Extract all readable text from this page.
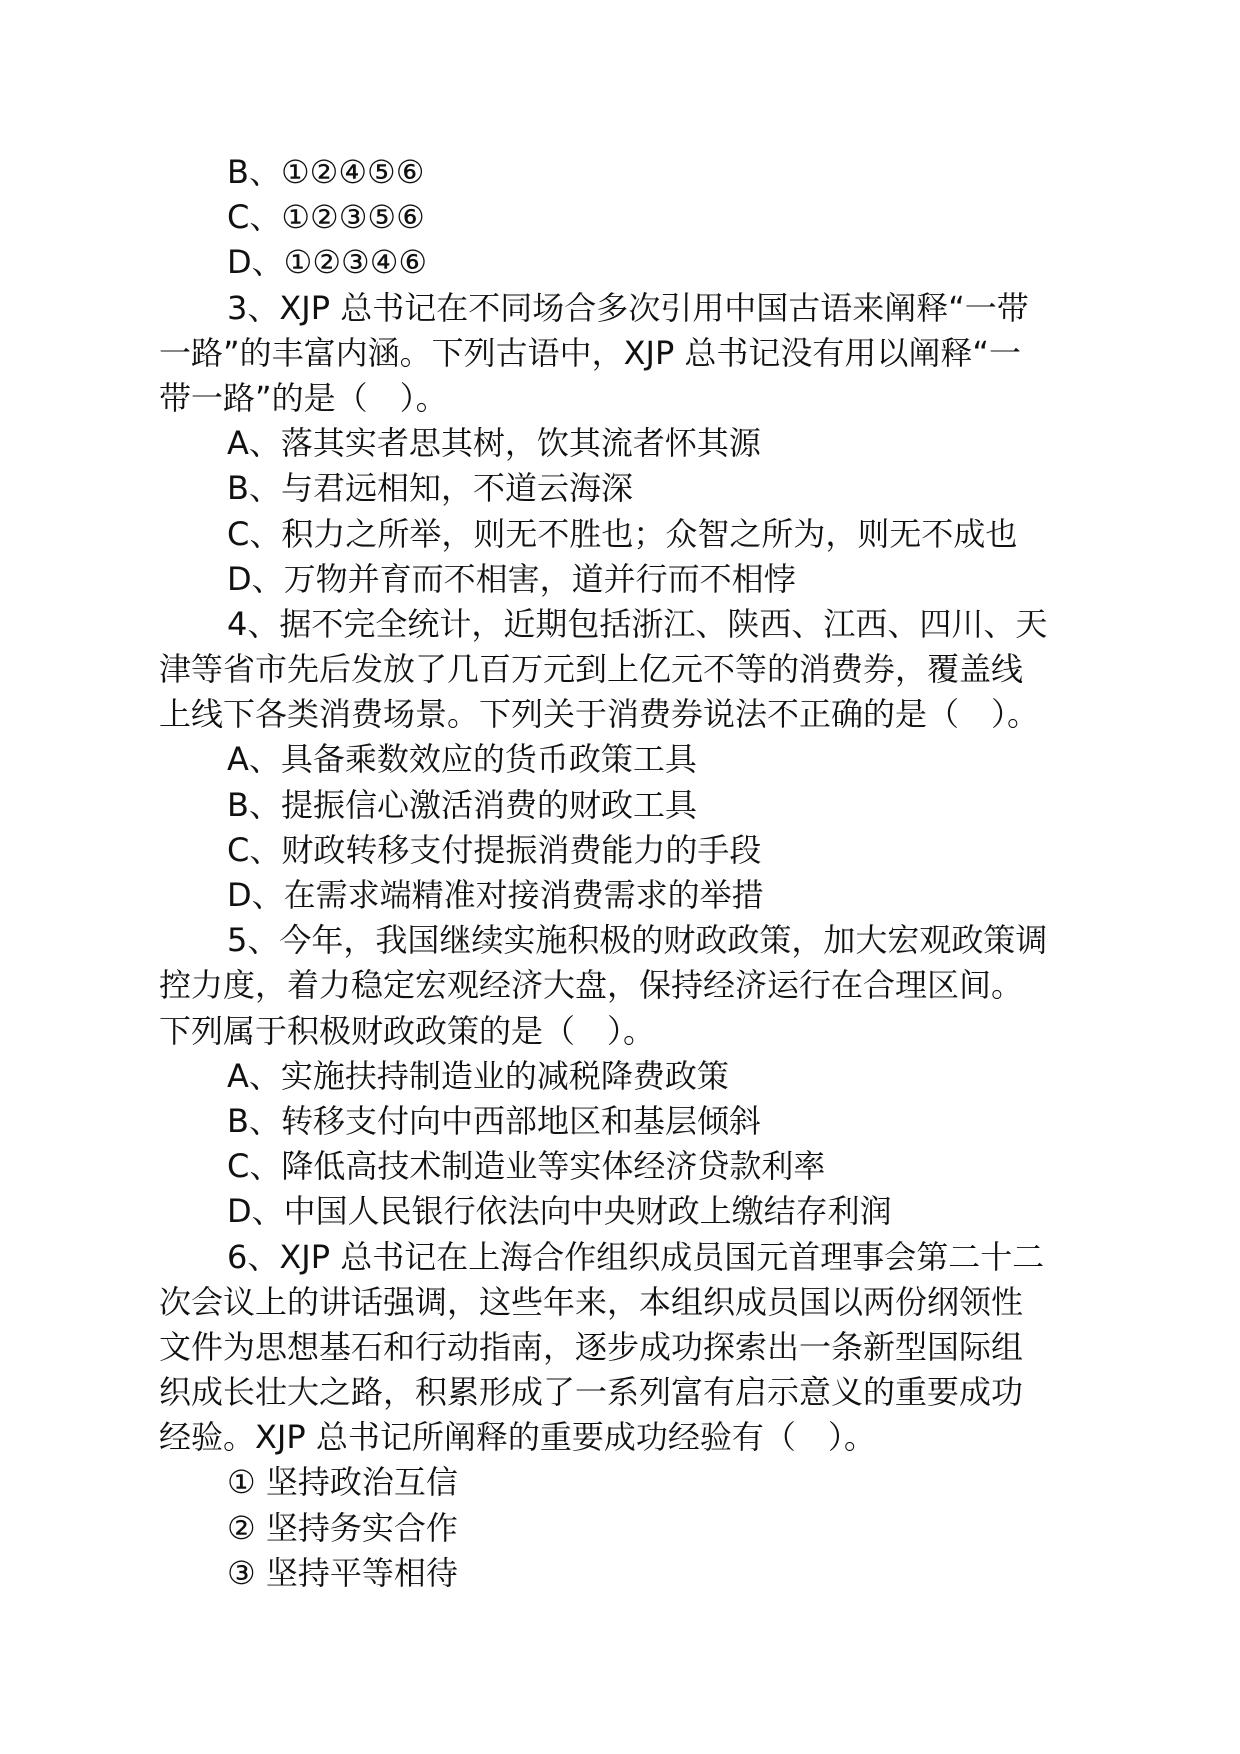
B、①②④⑤⑥
C、①②③⑤⑥
D、①②③④⑥
3、XJP 总书记在不同场合多次引用中国古语来阐释“一带
一路”的丰富内涵。下列古语中，XJP 总书记没有用以阐释“一
带一路”的是（　）。
A、落其实者思其树，饮其流者怀其源
B、与君远相知，不道云海深
C、积力之所举，则无不胜也；众智之所为，则无不成也
D、万物并育而不相害，道并行而不相悖
4、据不完全统计，近期包括浙江、陕西、江西、四川、天
津等省市先后发放了几百万元到上亿元不等的消费券，覆盖线
上线下各类消费场景。下列关于消费券说法不正确的是（　）。
A、具备乘数效应的货币政策工具
B、提振信心激活消费的财政工具
C、财政转移支付提振消费能力的手段
D、在需求端精准对接消费需求的举措
5、今年，我国继续实施积极的财政政策，加大宏观政策调
控力度，着力稳定宏观经济大盘，保持经济运行在合理区间。
下列属于积极财政政策的是（　）。
A、实施扶持制造业的减税降费政策
B、转移支付向中西部地区和基层倾斜
C、降低高技术制造业等实体经济贷款利率
D、中国人民银行依法向中央财政上缴结存利润
6、XJP 总书记在上海合作组织成员国元首理事会第二十二
次会议上的讲话强调，这些年来，本组织成员国以两份纲领性
文件为思想基石和行动指南，逐步成功探索出一条新型国际组
织成长壮大之路，积累形成了一系列富有启示意义的重要成功
经验。XJP 总书记所阐释的重要成功经验有（　）。
① 坚持政治互信
② 坚持务实合作
③ 坚持平等相待
